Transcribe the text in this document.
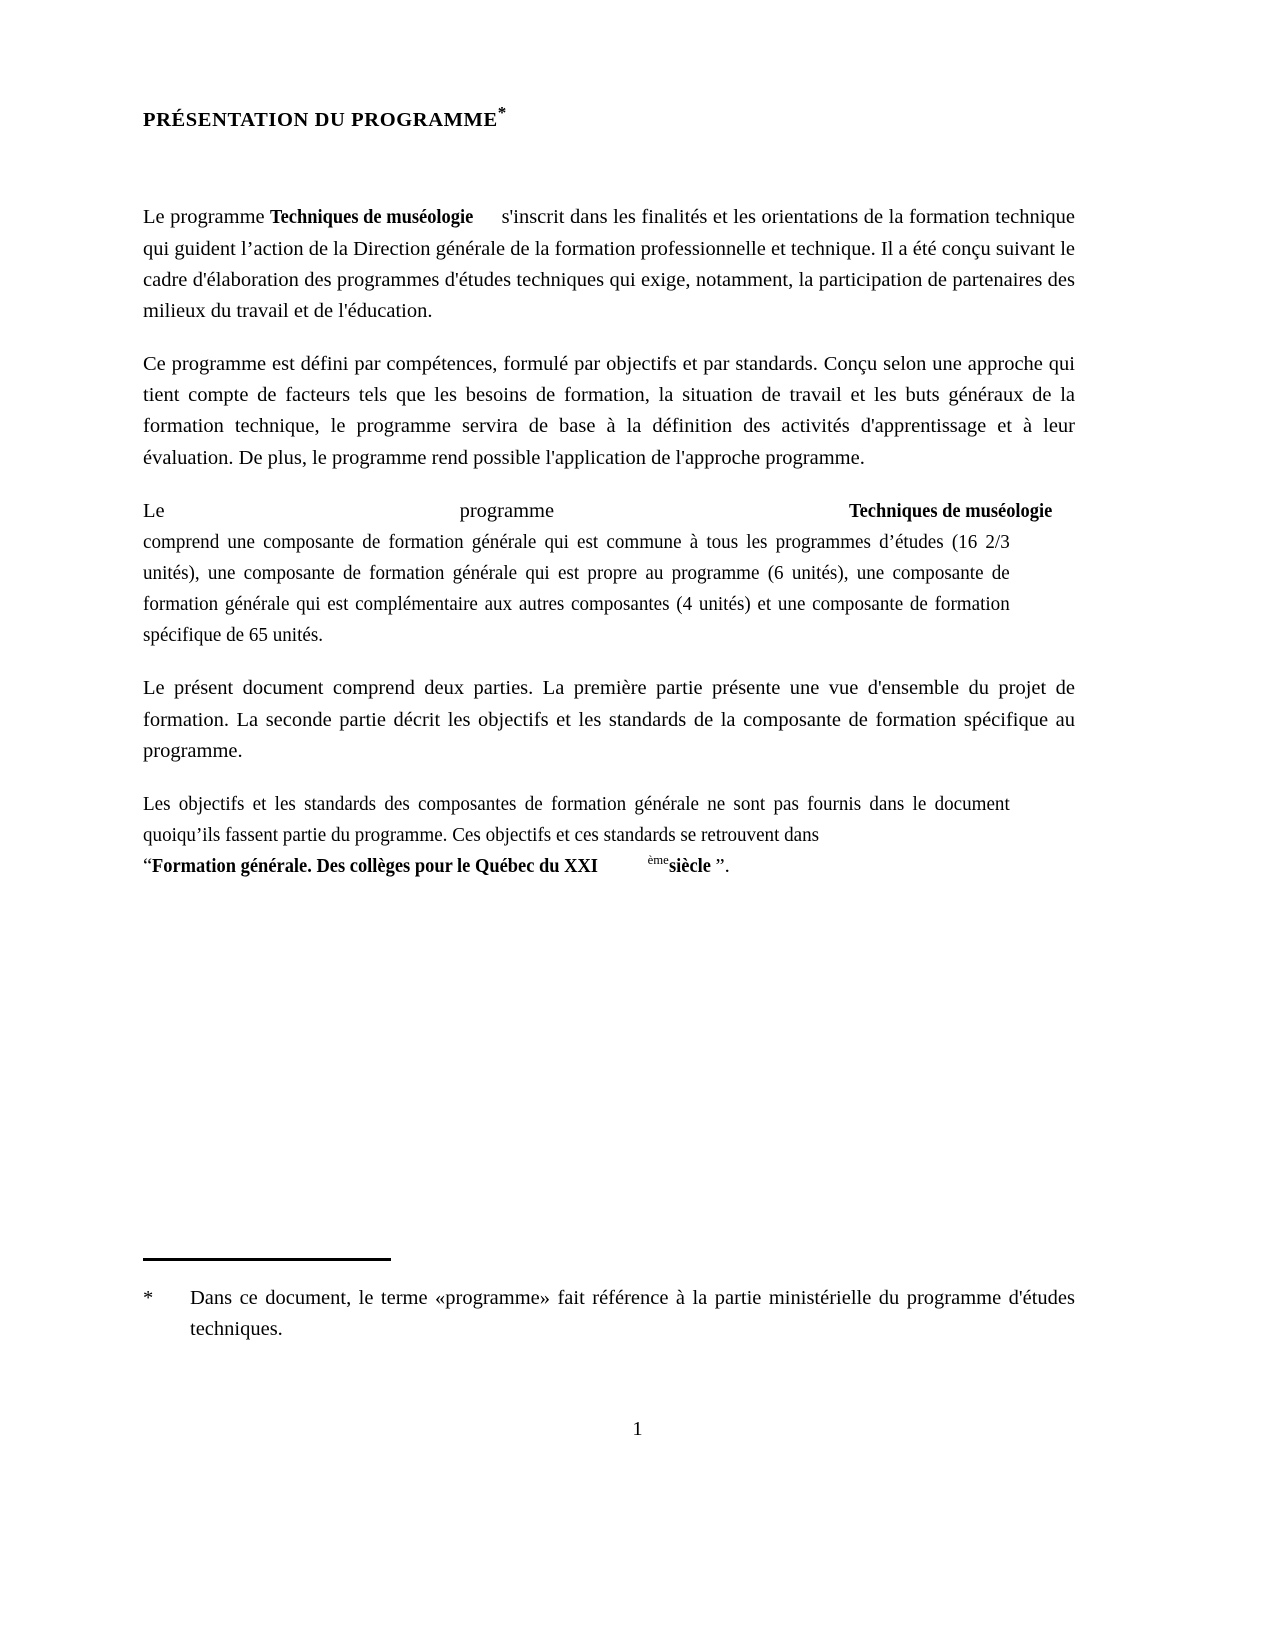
PRÉSENTATION DU PROGRAMME*

Le programme Techniques de muséologie s'inscrit dans les finalités et les orientations de la formation technique qui guident l’action de la Direction générale de la formation professionnelle et technique. Il a été conçu suivant le cadre d'élaboration des programmes d'études techniques qui exige, notamment, la participation de partenaires des milieux du travail et de l'éducation.

Ce programme est défini par compétences, formulé par objectifs et par standards. Conçu selon une approche qui tient compte de facteurs tels que les besoins de formation, la situation de travail et les buts généraux de la formation technique, le programme servira de base à la définition des activités d'apprentissage et à leur évaluation. De plus, le programme rend possible l'application de l'approche programme.

Le programme Techniques de muséologiecomprend une composante de formation générale qui est commune à tous les programmes d’études (16 2/3 unités), une composante de formation générale qui est propre au programme (6 unités), une composante de formation générale qui est complémentaire aux autres composantes (4 unités) et une composante de formation spécifique de 65 unités.

Le présent document comprend deux parties. La première partie présente une vue d'ensemble du projet de formation. La seconde partie décrit les objectifs et les standards de la composante de formation spécifique au programme.

Les objectifs et les standards des composantes de formation générale ne sont pas fournis dans le document quoiqu’ils fassent partie du programme. Ces objectifs et ces standards se retrouvent dans“Formation générale. Des collèges pour le Québec du XXI	$^{ème}$siècle ”.

* Dans ce document, le terme «programme» fait référence à la partie ministérielle du programme d'études techniques.

1
